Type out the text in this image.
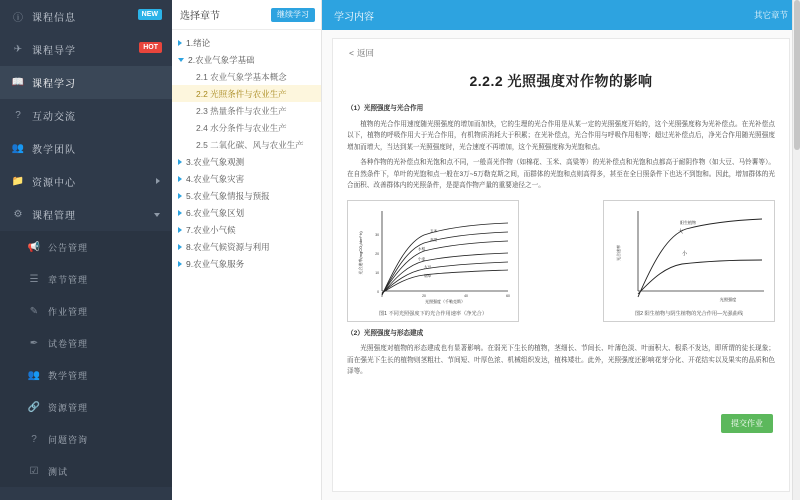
ⓘ 课程信息	NEW
✈ 课程导学	HOT
📖 课程学习
?	互动交流
👥 教学团队
📁 资源中心
⚙ 课程管理
📢 公告管理
☰	章节管理
✎	作业管理
✒	试卷管理
👥 教学管理
🔗 资源管理
?	问题咨询
☑	测试
选择章节	继续学习
1.绪论
2.农业气象学基础
2.1 农业气象学基本概念
2.2 光照条件与农业生产
2.3 热量条件与农业生产
2.4 水分条件与农业生产
2.5 二氧化碳、风与农业生产
3.农业气象观测
4.农业气象灾害
5.农业气象情报与预报
6.农业气象区划
7.农业小气候
8.农业气候资源与利用
9.农业气象服务
学习内容	其它章节
< 返回
2.2.2 光照强度对作物的影响

（1）光照强度与光合作用

植物的光合作用速度随光照强度的增加而加快，它的生理的光合作用是从某一定的光照强度开始的，这个光照强度称为光补偿点。在光补偿点以下，植物的呼吸作用大于光合作用，有机物质消耗大于积累；在光补偿点，光合作用与呼吸作用相等；超过光补偿点后，净光合作用随光照强度增加而增大，当达到某一光照强度时，光合速度不再增加，这个光照强度称为光饱和点。

各种作物的光补偿点和光饱和点不同，一般喜光作物（如棉花、玉米、高粱等）的光补偿点和光饱和点都高于耐阴作物（如大豆、马铃薯等）。在自然条件下，单叶的光饱和点一般在3万~5万勒克斯之间，而群体的光饱和点则高得多，甚至在全日照条件下也达不到饱和。因此，增加群体的光合面积、改善群体内的光照条件，是提高作物产量的重要途径之一。

光合速率(mgCO₂/dm²·h)
光照强度（千勒克斯）
0
10
20
30
0	20	40	60
玉米
高粱
水稻
小麦
大豆
烟草
图1 不同光照强度下的光合作用速率（净光合）
光合速率
光照强度
阳生植物
大
小
图2 阳生植物与阴生植物的光合作用—光强曲线

（2）光照强度与形态建成

光照强度对植物的形态建成也有显著影响。在弱光下生长的植物，茎细长、节间长、叶薄色淡、叶面积大、根系不发达，即所谓的徒长现象；而在强光下生长的植物则茎粗壮、节间短、叶厚色浓、机械组织发达，植株矮壮。此外，光照强度还影响花芽分化、开花结实以及果实的品质和色泽等。

提交作业
